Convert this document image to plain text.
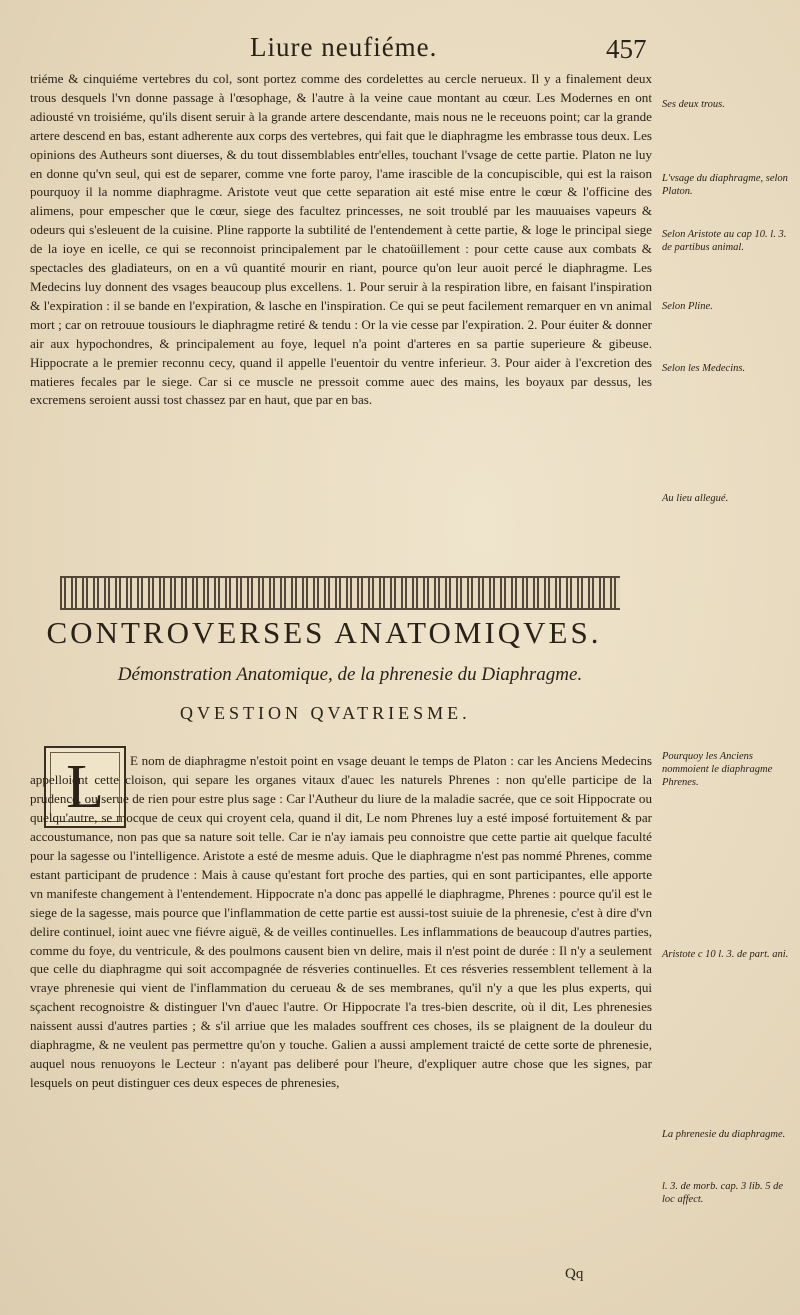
Liure neufiéme.	457

triéme & cinquiéme vertebres du col, sont portez comme des cordelettes au cercle nerueux. Il y a finalement deux trous desquels l'vn donne passage à l'œsophage, & l'autre à la veine caue montant au cœur. Les Modernes en ont adiousté vn troisiéme, qu'ils disent seruir à la grande artere descendante, mais nous ne le receuons point; car la grande artere descend en bas, estant adherente aux corps des vertebres, qui fait que le diaphragme les embrasse tous deux. Les opinions des Autheurs sont diuerses, & du tout dissemblables entr'elles, touchant l'vsage de cette partie. Platon ne luy en donne qu'vn seul, qui est de separer, comme vne forte paroy, l'ame irascible de la concupiscible, qui est la raison pourquoy il la nomme diaphragme. Aristote veut que cette separation ait esté mise entre le cœur & l'officine des alimens, pour empescher que le cœur, siege des facultez princesses, ne soit troublé par les mauuaises vapeurs & odeurs qui s'esleuent de la cuisine. Pline rapporte la subtilité de l'entendement à cette partie, & loge le principal siege de la ioye en icelle, ce qui se reconnoist principalement par le chatoüillement : pour cette cause aux combats & spectacles des gladiateurs, on en a vû quantité mourir en riant, pource qu'on leur auoit percé le diaphragme. Les Medecins luy donnent des vsages beaucoup plus excellens. 1. Pour seruir à la respiration libre, en faisant l'inspiration & l'expiration : il se bande en l'expiration, & lasche en l'inspiration. Ce qui se peut facilement remarquer en vn animal mort ; car on retrouue tousiours le diaphragme retiré & tendu : Or la vie cesse par l'expiration. 2. Pour éuiter & donner air aux hypochondres, & principalement au foye, lequel n'a point d'arteres en sa partie superieure & gibeuse. Hippocrate a le premier reconnu cecy, quand il appelle l'euentoir du ventre inferieur. 3. Pour aider à l'excretion des matieres fecales par le siege. Car si ce muscle ne pressoit comme auec des mains, les boyaux par dessus, les excremens seroient aussi tost chassez par en haut, que par en bas.

Ses deux trous.
L'vsage du diaphragme, selon Platon.
Selon Aristote au cap 10. l. 3. de partibus animal.
Selon Pline.
Selon les Medecins.
Au lieu allegué.
CONTROVERSES ANATOMIQVES.
Démonstration Anatomique, de la phrenesie du Diaphragme.
QVESTION QVATRIESME.
L	E nom de diaphragme n'estoit point en vsage deuant le temps de Platon : car les Anciens Medecins appelloient cette cloison, qui separe les organes vitaux d'auec les naturels Phrenes : non qu'elle participe de la prudence, ou serue de rien pour estre plus sage : Car l'Autheur du liure de la maladie sacrée, que ce soit Hippocrate ou quelqu'autre, se mocque de ceux qui croyent cela, quand il dit, Le nom Phrenes luy a esté imposé fortuitement & par accoustumance, non pas que sa nature soit telle. Car ie n'ay iamais peu connoistre que cette partie ait quelque faculté pour la sagesse ou l'intelligence. Aristote a esté de mesme aduis. Que le diaphragme n'est pas nommé Phrenes, comme estant participant de prudence : Mais à cause qu'estant fort proche des parties, qui en sont participantes, elle apporte vn manifeste changement à l'entendement. Hippocrate n'a donc pas appellé le diaphragme, Phrenes : pource qu'il est le siege de la sagesse, mais pource que l'inflammation de cette partie est aussi-tost suiuie de la phrenesie, c'est à dire d'vn delire continuel, ioint auec vne fiévre aiguë, & de veilles continuelles. Les inflammations de beaucoup d'autres parties, comme du foye, du ventricule, & des poulmons causent bien vn delire, mais il n'est point de durée : Il n'y a seulement que celle du diaphragme qui soit accompagnée de résveries continuelles. Et ces résveries ressemblent tellement à la vraye phrenesie qui vient de l'inflammation du cerueau & de ses membranes, qu'il n'y a que les plus experts, qui sçachent recognoistre & distinguer l'vn d'auec l'autre. Or Hippocrate l'a tres-bien descrite, où il dit, Les phrenesies naissent aussi d'autres parties ; & s'il arriue que les malades souffrent ces choses, ils se plaignent de la douleur du diaphragme, & ne veulent pas permettre qu'on y touche. Galien a aussi amplement traicté de cette sorte de phrenesie, auquel nous renuoyons le Lecteur : n'ayant pas deliberé pour l'heure, d'expliquer autre chose que les signes, par lesquels on peut distinguer ces deux especes de phrenesies,

Pourquoy les Anciens nommoient le diaphragme Phrenes.
Aristote c 10 l. 3. de part. ani.
La phrenesie du diaphragme.
l. 3. de morb. cap. 3 lib. 5 de loc affect.
Qq
